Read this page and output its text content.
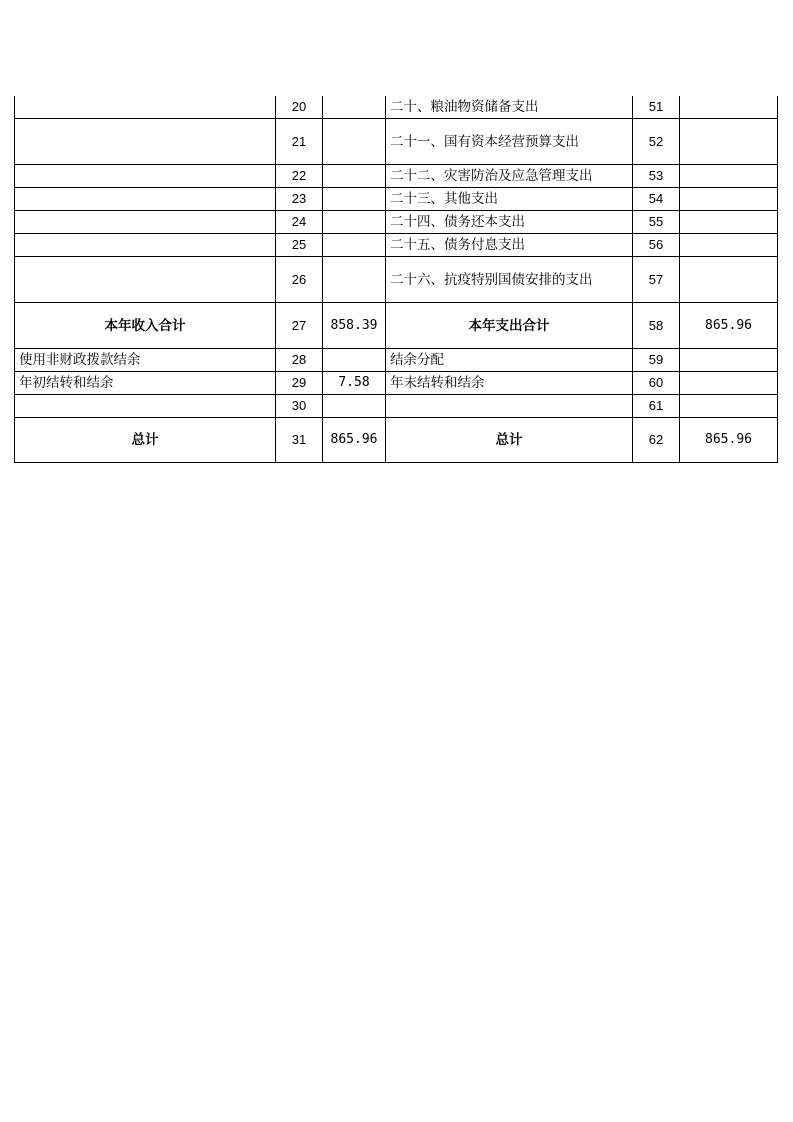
	20		二十、粮油物资储备支出	51	
	21		二十一、国有资本经营预算支出	52	
	22		二十二、灾害防治及应急管理支出	53	
	23		二十三、其他支出	54	
	24		二十四、债务还本支出	55	
	25		二十五、债务付息支出	56	
	26		二十六、抗疫特别国债安排的支出	57	
本年收入合计	27	858.39	本年支出合计	58	865.96
使用非财政拨款结余	28		结余分配	59	
年初结转和结余	29	7.58	年末结转和结余	60	
	30			61	
总计	31	865.96	总计	62	865.96
